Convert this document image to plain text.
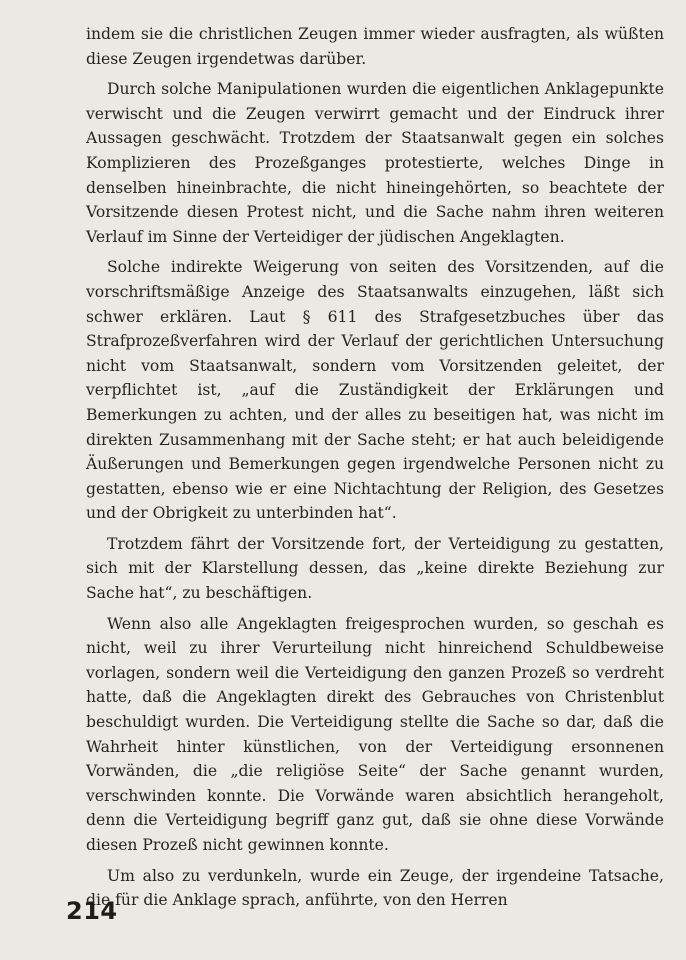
indem sie die christlichen Zeugen immer wieder ausfragten, als wüßten diese Zeugen irgendetwas darüber.

Durch solche Manipulationen wurden die eigentlichen Anklagepunkte verwischt und die Zeugen verwirrt gemacht und der Eindruck ihrer Aussagen geschwächt. Trotzdem der Staatsanwalt gegen ein solches Komplizieren des Prozeßganges protestierte, welches Dinge in denselben hineinbrachte, die nicht hineingehörten, so beachtete der Vorsitzende diesen Protest nicht, und die Sache nahm ihren weiteren Verlauf im Sinne der Verteidiger der jüdischen Angeklagten.

Solche indirekte Weigerung von seiten des Vorsitzenden, auf die vorschriftsmäßige Anzeige des Staatsanwalts einzugehen, läßt sich schwer erklären. Laut § 611 des Strafgesetzbuches über das Strafprozeßverfahren wird der Verlauf der gerichtlichen Untersuchung nicht vom Staatsanwalt, sondern vom Vorsitzenden geleitet, der verpflichtet ist, „auf die Zuständigkeit der Erklärungen und Bemerkungen zu achten, und der alles zu beseitigen hat, was nicht im direkten Zusammenhang mit der Sache steht; er hat auch beleidigende Äußerungen und Bemerkungen gegen irgendwelche Personen nicht zu gestatten, ebenso wie er eine Nichtachtung der Religion, des Gesetzes und der Obrigkeit zu unterbinden hat“.

Trotzdem fährt der Vorsitzende fort, der Verteidigung zu gestatten, sich mit der Klarstellung dessen, das „keine direkte Beziehung zur Sache hat“, zu beschäftigen.

Wenn also alle Angeklagten freigesprochen wurden, so geschah es nicht, weil zu ihrer Verurteilung nicht hinreichend Schuldbeweise vorlagen, sondern weil die Verteidigung den ganzen Prozeß so verdreht hatte, daß die Angeklagten direkt des Gebrauches von Christenblut beschuldigt wurden. Die Verteidigung stellte die Sache so dar, daß die Wahrheit hinter künstlichen, von der Verteidigung ersonnenen Vorwänden, die „die religiöse Seite“ der Sache genannt wurden, verschwinden konnte. Die Vorwände waren absichtlich herangeholt, denn die Verteidigung begriff ganz gut, daß sie ohne diese Vorwände diesen Prozeß nicht gewinnen konnte.

Um also zu verdunkeln, wurde ein Zeuge, der irgendeine Tatsache, die für die Anklage sprach, anführte, von den Herren

214
